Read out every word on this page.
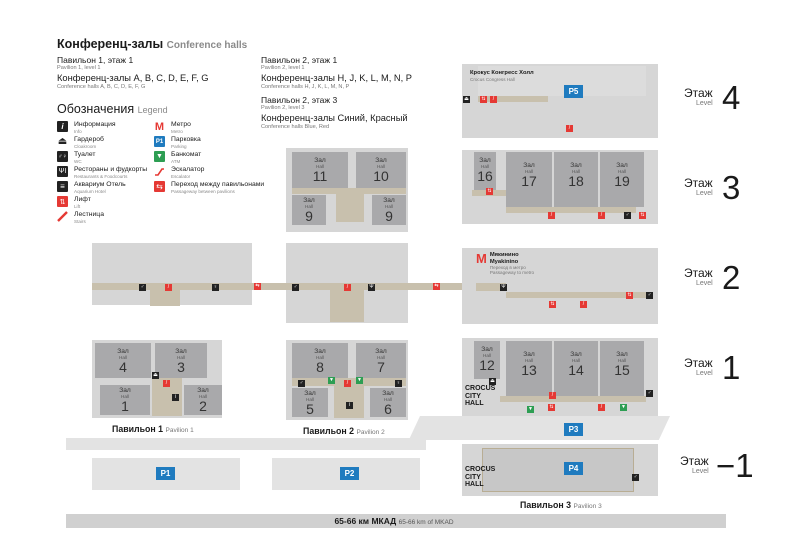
Конференц-залы Conference halls
Павильон 1, этаж 1
Pavilion 1, level 1
Конференц-залы A, B, C, D, E, F, G
Conference halls A, B, C, D, E, F, G
Павильон 2, этаж 1
Pavilion 2, level 1
Конференц-залы H, J, K, L, M, N, P
Conference halls H, J, K, L, M, N, P
Павильон 2, этаж 3
Pavilion 2, level 3
Конференц-залы Синий, Красный
Conference halls Blue, Red
Обозначения Legend
i	Информация
Info
⏏ Гардероб
Cloakroom
♂♀ Туалет
WC
ΨΙ Рестораны и фудкорты
Restaurants & Foodcourts
≡	Аквариум Отель
Aquarium Hotel
⇅	Лифт
Lift
Лестница
Stairs
M Метро
Metro
P1 Парковка
Parking
▼ Банкомат
ATM
Эскалатор
Escalator
⇆	Переход между павильонами
Passageway between pavilions
Зал
Hall
11
Зал
Hall
10
Зал
Hall
9
Зал
Hall
9
Зал
Hall
4
Зал
Hall
3
Зал
Hall
1
Зал
Hall
2
Зал
Hall
8
Зал
Hall
7
Зал
Hall
5
Зал
Hall
6
Крокус Конгресс Холл
Crocus Congress Hall
P5
Зал
Hall
16
Зал
Hall
17
Зал
Hall
18
Зал
Hall
19
M Мякинино
Myakinino
Переход в метро
Passageway to metro
Зал
Hall
12
Зал
Hall
13
Зал
Hall
14
Зал
Hall
15
CROCUS
CITY
HALL
CROCUS
CITY
HALL
P4
P1	P2
P3
65-66 км МКАД 65-66 km of MKAD
Павильон 1 Pavilion 1	Павильон 2 Pavilion 2
Павильон 3 Pavilion 3
Этаж
Level 4
Этаж
Level 3
Этаж
Level 2
Этаж
Level 1
Этаж
Level −1
♂	/	♀	⇆	♂	/	Ψ	⇆	Ψ
⇅	/
⇅	♂
⇅	/
⏏
/
⇅
/	/	♂	⇅
▼	▼
♂	/
i
♀
⏏
/
i
▼
/
⇅	/	▼
⏏
♂
♂
